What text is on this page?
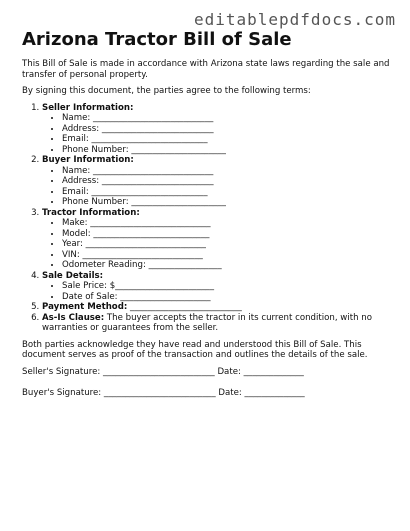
editablepdfdocs.com
Arizona Tractor Bill of Sale

This Bill of Sale is made in accordance with Arizona state laws regarding the sale and transfer of personal property.

By signing this document, the parties agree to the following terms:

1. Seller Information:
• Name: ____________________________
• Address: __________________________
• Email: ___________________________
• Phone Number: ______________________
2. Buyer Information:
• Name: ____________________________
• Address: __________________________
• Email: ___________________________
• Phone Number: ______________________
3. Tractor Information:
• Make: ____________________________
• Model: ___________________________
• Year: ____________________________
• VIN: ____________________________
• Odometer Reading: _________________
4. Sale Details:
• Sale Price: $_______________________
• Date of Sale: _____________________
5. Payment Method: __________________________
6. As-Is Clause: The buyer accepts the tractor in its current condition, with no warranties or guarantees from the seller.

Both parties acknowledge they have read and understood this Bill of Sale. This document serves as proof of the transaction and outlines the details of the sale.

Seller's Signature: __________________________ Date: ______________
Buyer's Signature: __________________________ Date: ______________
